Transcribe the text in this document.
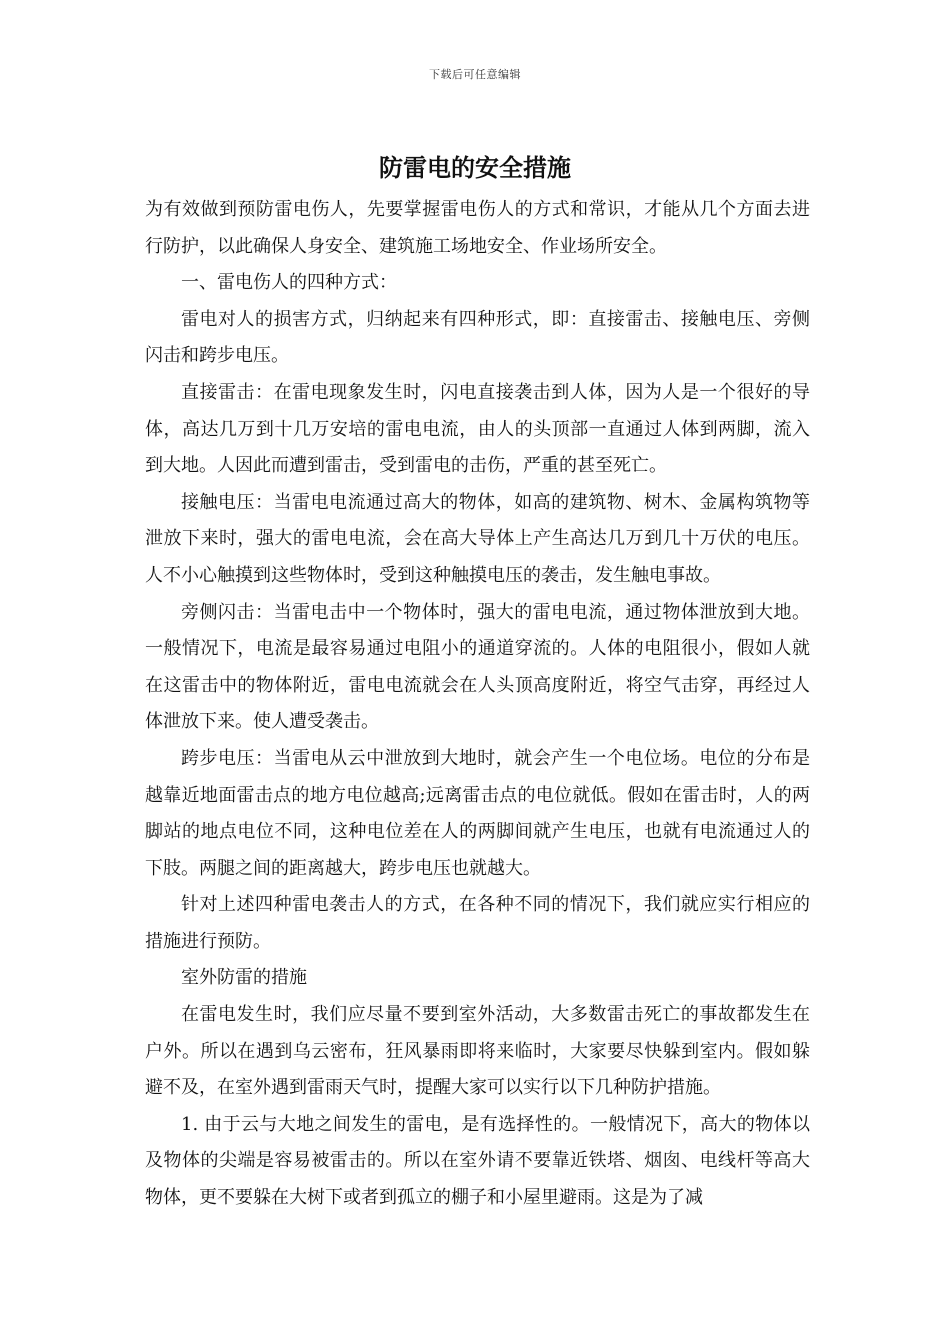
下载后可任意编辑
防雷电的安全措施

为有效做到预防雷电伤人，先要掌握雷电伤人的方式和常识，才能从几个方面去进行防护，以此确保人身安全、建筑施工场地安全、作业场所安全。

一、雷电伤人的四种方式：

雷电对人的损害方式，归纳起来有四种形式，即：直接雷击、接触电压、旁侧闪击和跨步电压。

直接雷击：在雷电现象发生时，闪电直接袭击到人体，因为人是一个很好的导体，高达几万到十几万安培的雷电电流，由人的头顶部一直通过人体到两脚，流入到大地。人因此而遭到雷击，受到雷电的击伤，严重的甚至死亡。

接触电压：当雷电电流通过高大的物体，如高的建筑物、树木、金属构筑物等泄放下来时，强大的雷电电流，会在高大导体上产生高达几万到几十万伏的电压。人不小心触摸到这些物体时，受到这种触摸电压的袭击，发生触电事故。

旁侧闪击：当雷电击中一个物体时，强大的雷电电流，通过物体泄放到大地。一般情况下，电流是最容易通过电阻小的通道穿流的。人体的电阻很小，假如人就在这雷击中的物体附近，雷电电流就会在人头顶高度附近，将空气击穿，再经过人体泄放下来。使人遭受袭击。

跨步电压：当雷电从云中泄放到大地时，就会产生一个电位场。电位的分布是越靠近地面雷击点的地方电位越高;远离雷击点的电位就低。假如在雷击时，人的两脚站的地点电位不同，这种电位差在人的两脚间就产生电压，也就有电流通过人的下肢。两腿之间的距离越大，跨步电压也就越大。

针对上述四种雷电袭击人的方式，在各种不同的情况下，我们就应实行相应的措施进行预防。

室外防雷的措施

在雷电发生时，我们应尽量不要到室外活动，大多数雷击死亡的事故都发生在户外。所以在遇到乌云密布，狂风暴雨即将来临时，大家要尽快躲到室内。假如躲避不及，在室外遇到雷雨天气时，提醒大家可以实行以下几种防护措施。

1. 由于云与大地之间发生的雷电，是有选择性的。一般情况下，高大的物体以及物体的尖端是容易被雷击的。所以在室外请不要靠近铁塔、烟囱、电线杆等高大物体，更不要躲在大树下或者到孤立的棚子和小屋里避雨。这是为了减
